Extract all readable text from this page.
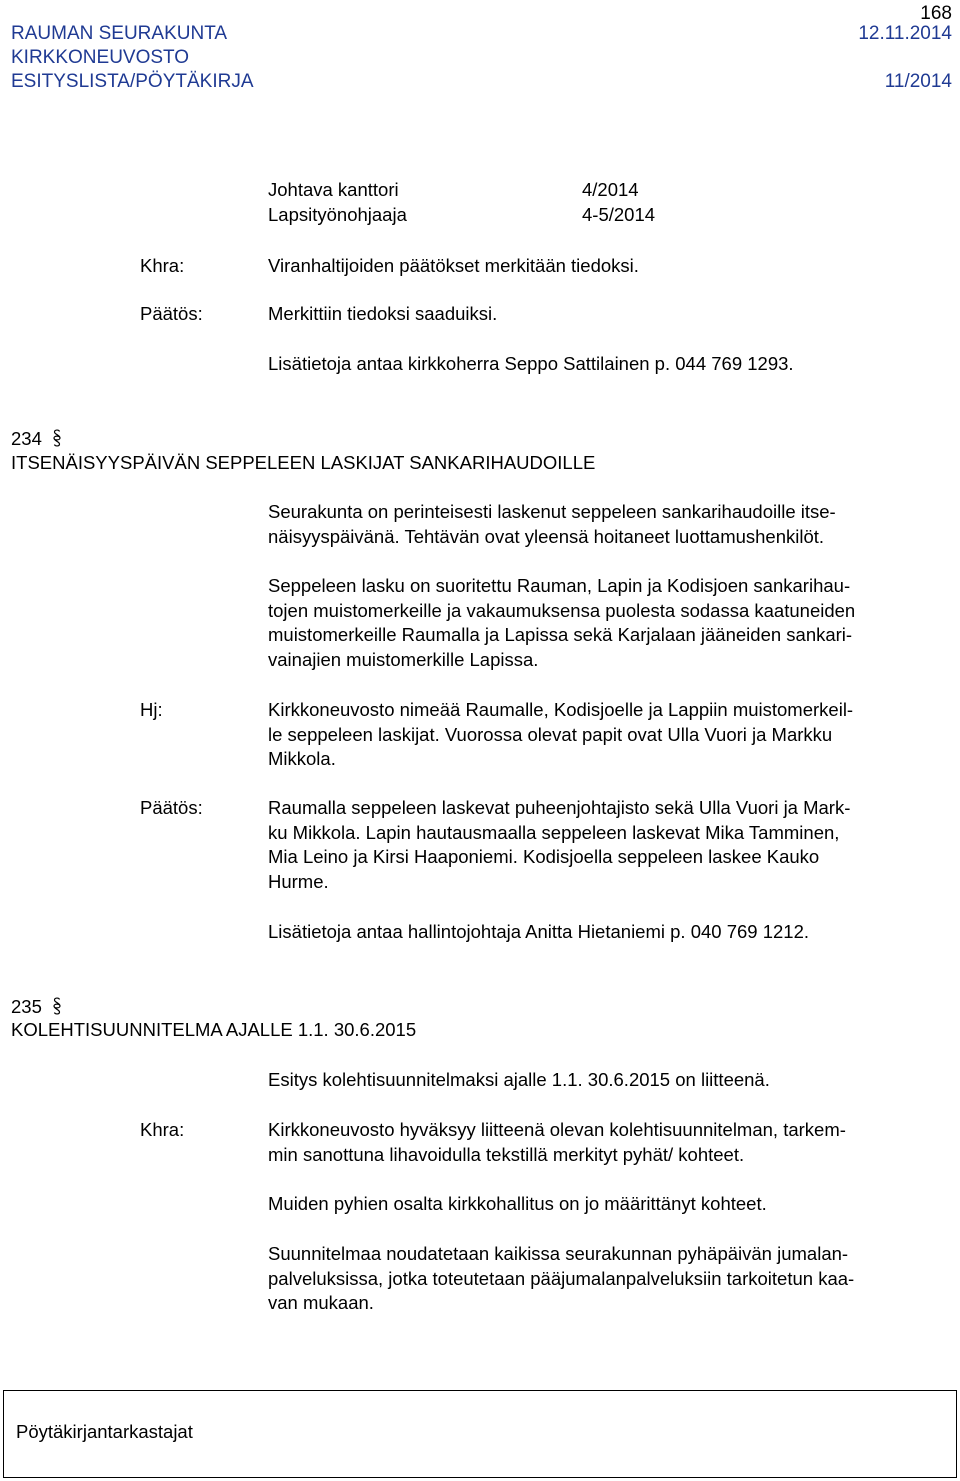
168
RAUMAN SEURAKUNTA	12.11.2014
KIRKKONEUVOSTO
ESITYSLISTA/PÖYTÄKIRJA	11/2014
Johtava kanttori	4/2014
Lapsityönohjaaja	4-5/2014
Khra:	Viranhaltijoiden päätökset merkitään tiedoksi.
Päätös:	Merkittiin tiedoksi saaduiksi.
Lisätietoja antaa kirkkoherra Seppo Sattilainen p. 044 769 1293.
234
ITSENÄISYYSPÄIVÄN SEPPELEEN LASKIJAT SANKARIHAUDOILLE
Seurakunta on perinteisesti laskenut seppeleen sankarihaudoille itse-
näisyyspäivänä. Tehtävän ovat yleensä hoitaneet luottamushenkilöt.
Seppeleen lasku on suoritettu Rauman, Lapin ja Kodisjoen sankarihau-
tojen muistomerkeille ja vakaumuksensa puolesta sodassa kaatuneiden
muistomerkeille Raumalla ja Lapissa sekä Karjalaan jääneiden sankari-
vainajien muistomerkille Lapissa.
Hj:	Kirkkoneuvosto nimeää Raumalle, Kodisjoelle ja Lappiin muistomerkeil-
le seppeleen laskijat. Vuorossa olevat papit ovat Ulla Vuori ja Markku
Mikkola.
Päätös:	Raumalla seppeleen laskevat puheenjohtajisto sekä Ulla Vuori ja Mark-
ku Mikkola. Lapin hautausmaalla seppeleen laskevat Mika Tamminen,
Mia Leino ja Kirsi Haaponiemi. Kodisjoella seppeleen laskee Kauko
Hurme.
Lisätietoja antaa hallintojohtaja Anitta Hietaniemi p. 040 769 1212.
235
KOLEHTISUUNNITELMA AJALLE 1.1. 30.6.2015
Esitys kolehtisuunnitelmaksi ajalle 1.1. 30.6.2015 on liitteenä.
Khra:	Kirkkoneuvosto hyväksyy liitteenä olevan kolehtisuunnitelman, tarkem-
min sanottuna lihavoidulla tekstillä merkityt pyhät/ kohteet.
Muiden pyhien osalta kirkkohallitus on jo määrittänyt kohteet.
Suunnitelmaa noudatetaan kaikissa seurakunnan pyhäpäivän jumalan-
palveluksissa, jotka toteutetaan pääjumalanpalveluksiin tarkoitetun kaa-
van mukaan.
Pöytäkirjantarkastajat
